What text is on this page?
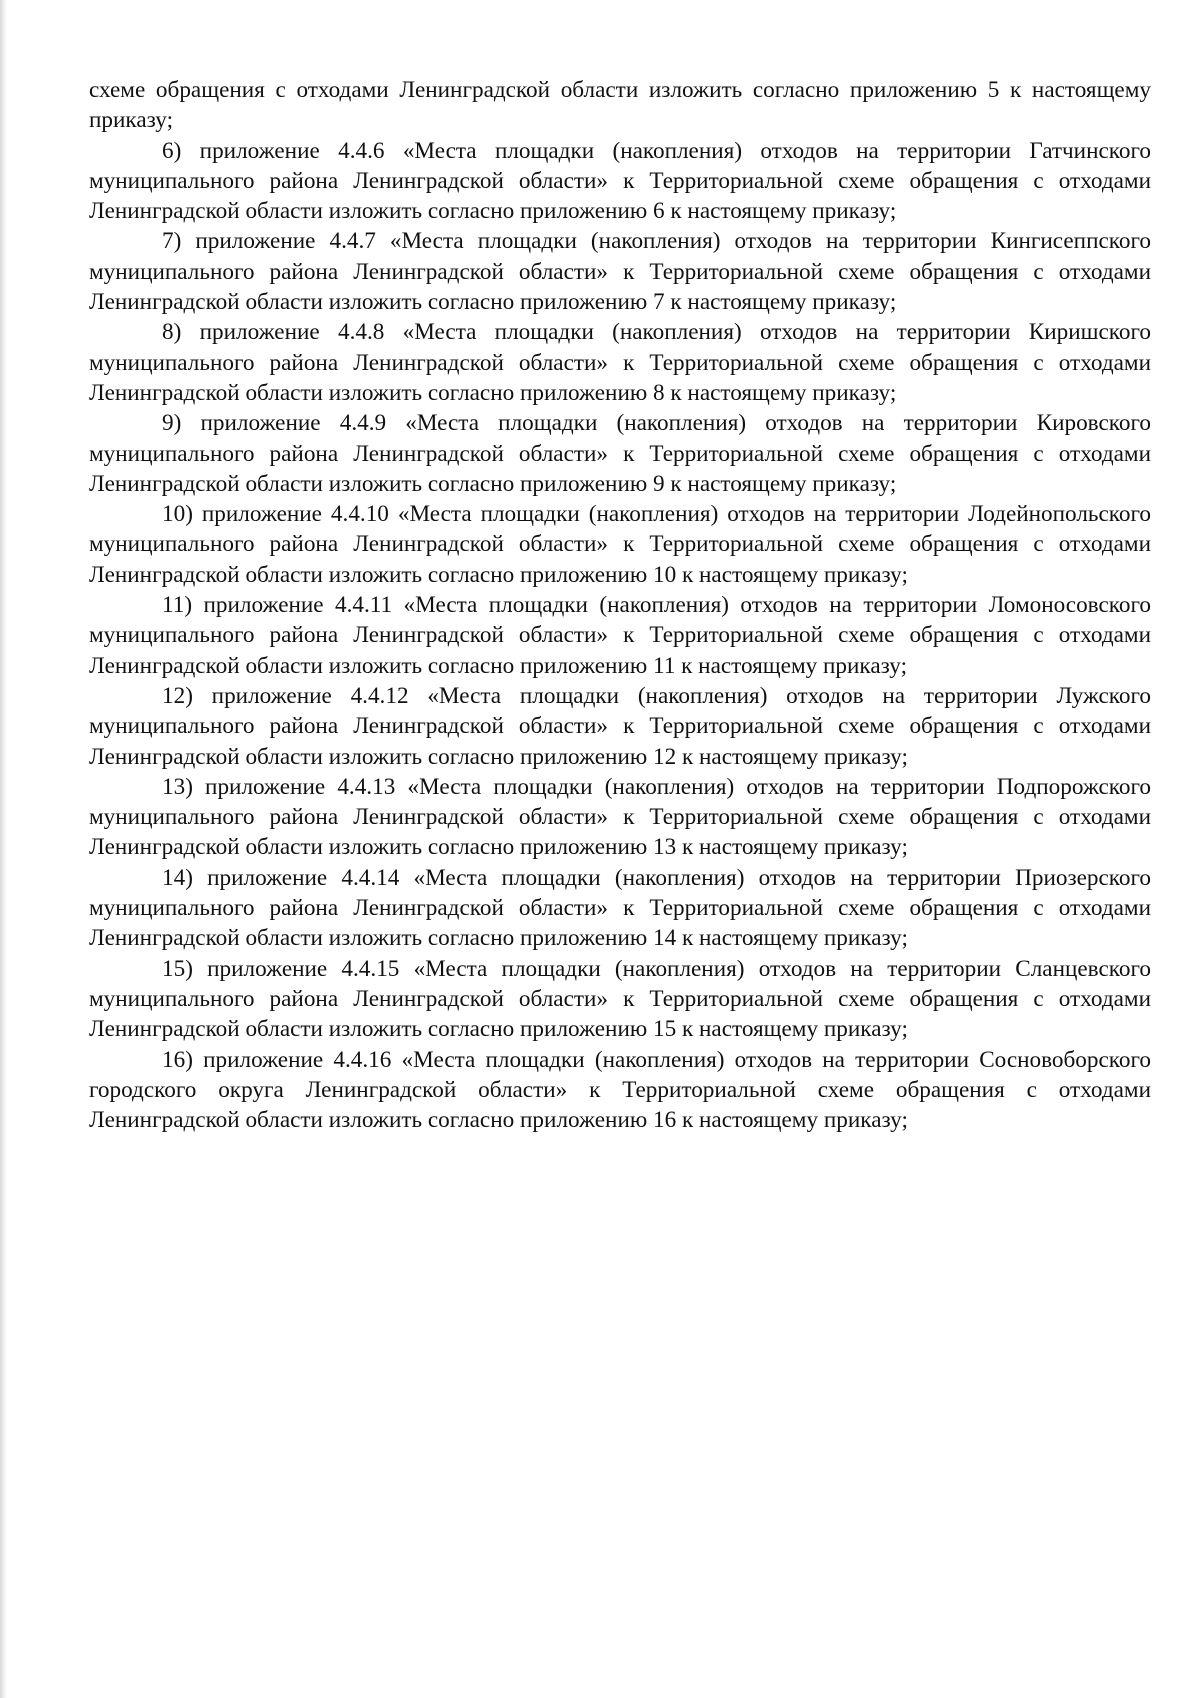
схеме обращения с отходами Ленинградской области изложить согласно приложению 5 к настоящему приказу;

6) приложение 4.4.6 «Места площадки (накопления) отходов на территории Гатчинского муниципального района Ленинградской области» к Территориальной схеме обращения с отходами Ленинградской области изложить согласно приложению 6 к настоящему приказу;

7) приложение 4.4.7 «Места площадки (накопления) отходов на территории Кингисеппского муниципального района Ленинградской области» к Территориальной схеме обращения с отходами Ленинградской области изложить согласно приложению 7 к настоящему приказу;

8) приложение 4.4.8 «Места площадки (накопления) отходов на территории Киришского муниципального района Ленинградской области» к Территориальной схеме обращения с отходами Ленинградской области изложить согласно приложению 8 к настоящему приказу;

9) приложение 4.4.9 «Места площадки (накопления) отходов на территории Кировского муниципального района Ленинградской области» к Территориальной схеме обращения с отходами Ленинградской области изложить согласно приложению 9 к настоящему приказу;

10) приложение 4.4.10 «Места площадки (накопления) отходов на территории Лодейнопольского муниципального района Ленинградской области» к Территориальной схеме обращения с отходами Ленинградской области изложить согласно приложению 10 к настоящему приказу;

11) приложение 4.4.11 «Места площадки (накопления) отходов на территории Ломоносовского муниципального района Ленинградской области» к Территориальной схеме обращения с отходами Ленинградской области изложить согласно приложению 11 к настоящему приказу;

12) приложение 4.4.12 «Места площадки (накопления) отходов на территории Лужского муниципального района Ленинградской области» к Территориальной схеме обращения с отходами Ленинградской области изложить согласно приложению 12 к настоящему приказу;

13) приложение 4.4.13 «Места площадки (накопления) отходов на территории Подпорожского муниципального района Ленинградской области» к Территориальной схеме обращения с отходами Ленинградской области изложить согласно приложению 13 к настоящему приказу;

14) приложение 4.4.14 «Места площадки (накопления) отходов на территории Приозерского муниципального района Ленинградской области» к Территориальной схеме обращения с отходами Ленинградской области изложить согласно приложению 14 к настоящему приказу;

15) приложение 4.4.15 «Места площадки (накопления) отходов на территории Сланцевского муниципального района Ленинградской области» к Территориальной схеме обращения с отходами Ленинградской области изложить согласно приложению 15 к настоящему приказу;

16) приложение 4.4.16 «Места площадки (накопления) отходов на территории Сосновоборского городского округа Ленинградской области» к Территориальной схеме обращения с отходами Ленинградской области изложить согласно приложению 16 к настоящему приказу;
